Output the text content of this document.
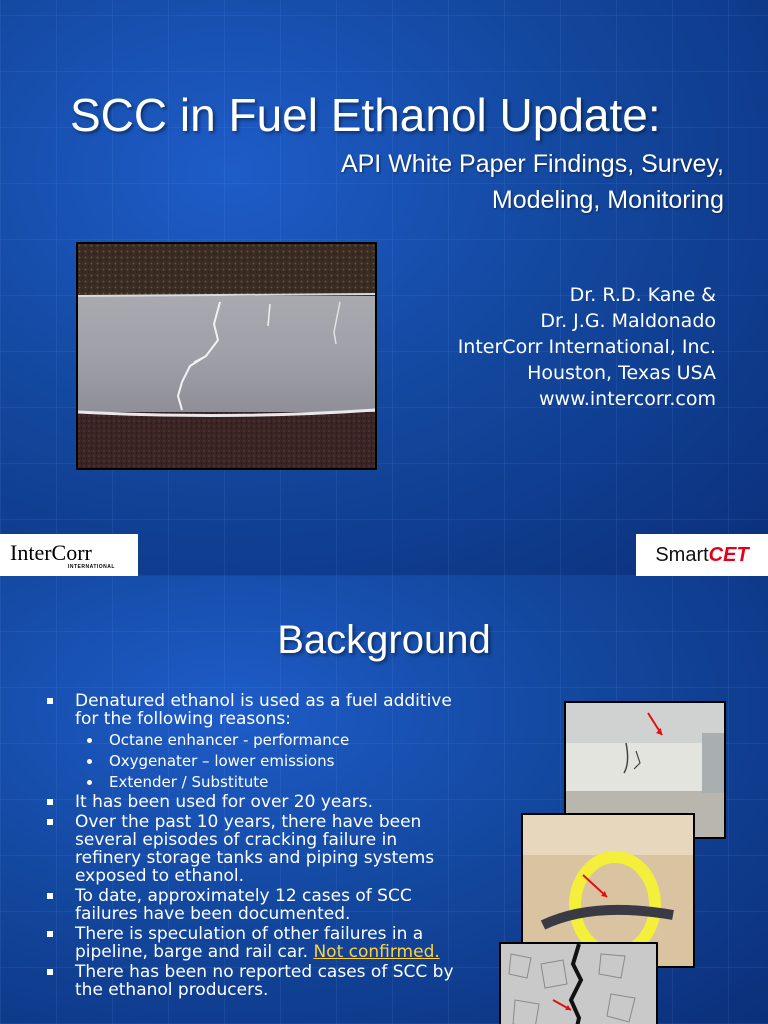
SCC in Fuel Ethanol Update:
API White Paper Findings, Survey,
Modeling, Monitoring
Dr. R.D. Kane &
Dr. J.G. Maldonado
InterCorr International, Inc.
Houston, Texas USA
www.intercorr.com
InterCorr
INTERNATIONAL
Smart CET
Background
Denatured ethanol is used as a fuel additive for the following reasons:
Octane enhancer - performance
Oxygenater – lower emissions
Extender / Substitute
It has been used for over 20 years.
Over the past 10 years, there have been several episodes of cracking failure in refinery storage tanks and piping systems exposed to ethanol.
To date, approximately 12 cases of SCC failures have been documented.
There is speculation of other failures in a pipeline, barge and rail car. Not confirmed.
There has been no reported cases of SCC by the ethanol producers.
